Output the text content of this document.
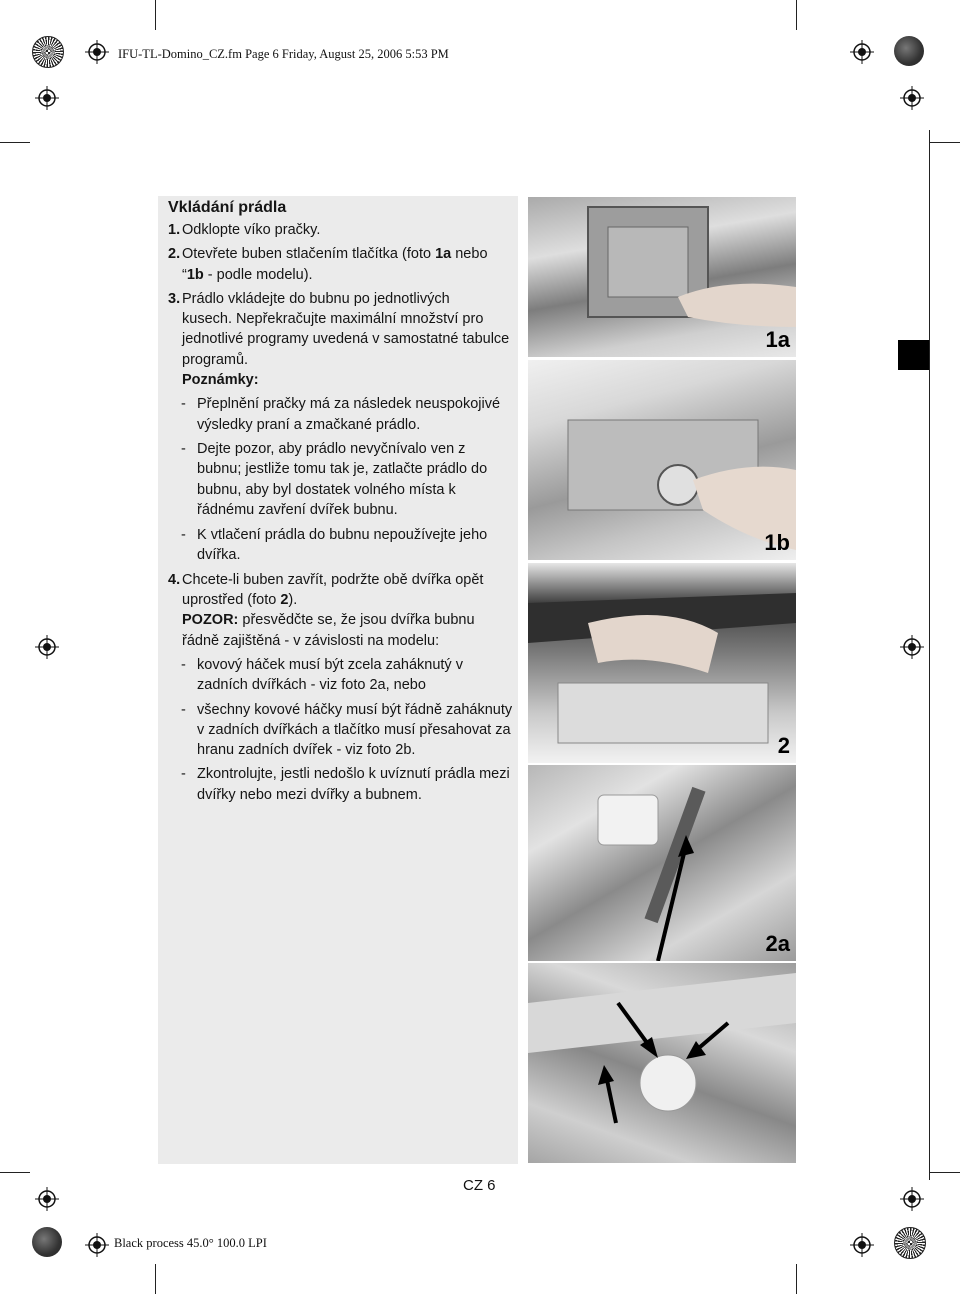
IFU-TL-Domino_CZ.fm Page 6 Friday, August 25, 2006 5:53 PM
Black process 45.0° 100.0 LPI
Vkládání prádla
1. Odklopte víko pračky.
2. Otevřete buben stlačením tlačítka (foto 1a nebo
“1b - podle modelu).
3. Prádlo vkládejte do bubnu po jednotlivých
kusech. Nepřekračujte maximální množství pro jednotlivé programy uvedená v samostatné tabulce programů.
Poznámky:
- Přeplnění pračky má za následek neuspokojivé výsledky praní a zmačkané prádlo.
- Dejte pozor, aby prádlo nevyčnívalo ven z bubnu; jestliže tomu tak je, zatlačte prádlo do bubnu, aby byl dostatek volného místa k řádnému zavření dvířek bubnu.
- K vtlačení prádla do bubnu nepoužívejte jeho dvířka.
4. Chcete-li buben zavřít, podržte obě dvířka opět
uprostřed (foto 2).
POZOR: přesvědčte se, že jsou dvířka bubnu řádně zajištěná - v závislosti na modelu:
- kovový háček musí být zcela zaháknutý v zadních dvířkách - viz foto 2a, nebo
- všechny kovové háčky musí být řádně zaháknuty v zadních dvířkách a tlačítko musí přesahovat za hranu zadních dvířek - viz foto 2b.
- Zkontrolujte, jestli nedošlo k uvíznutí prádla mezi dvířky nebo mezi dvířky a bubnem.
1a
1b
2
2a
CZ 6
